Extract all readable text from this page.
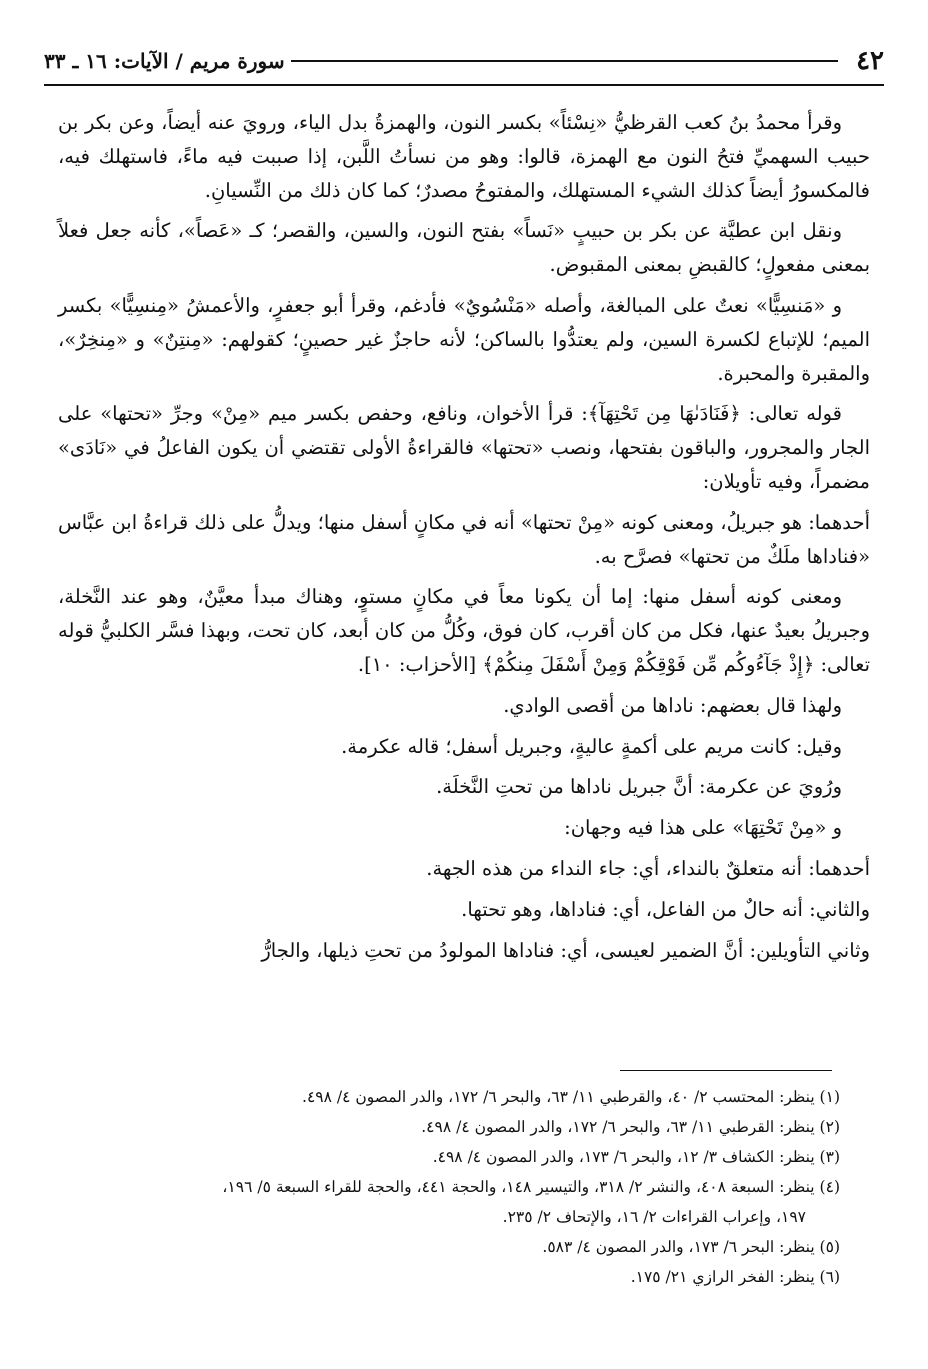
٤٢
سورة مريم / الآيات: ١٦ ـ ٣٣

وقرأ محمدُ بنُ كعب القرظيُّ «نِسْئاً» بكسر النون، والهمزةُ بدل الياء، ورويَ عنه أيضاً، وعن بكر بن حبيب السهميِّ فتحُ النون مع الهمزة، قالوا: وهو من نسأتُ اللَّبن، إذا صببت فيه ماءً، فاستهلك فيه، فالمكسورُ أيضاً كذلك الشيء المستهلك، والمفتوحُ مصدرٌ؛ كما كان ذلك من النِّسيانِ.

ونقل ابن عطيَّة عن بكر بن حبيبٍ «نَساً» بفتح النون، والسين، والقصر؛ كـ «عَصاً»، كأنه جعل فعلاً بمعنى مفعولٍ؛ كالقبضِ بمعنى المقبوض.

و «مَنسِيًّا» نعتٌ على المبالغة، وأصله «مَنْسُويٌ» فأدغم، وقرأ أبو جعفرٍ، والأعمشُ «مِنسِيًّا» بكسر الميم؛ للإتباع لكسرة السين، ولم يعتدُّوا بالساكن؛ لأنه حاجزٌ غير حصينٍ؛ كقولهم: «مِنتِنٌ» و «مِنخِرٌ»، والمقبرة والمحبرة.

قوله تعالى: ﴿فَنَادَىٰهَا مِن تَحْتِهَآ﴾: قرأ الأخوان، ونافع، وحفص بكسر ميم «مِنْ» وجرِّ «تحتها» على الجار والمجرور، والباقون بفتحها، ونصب «تحتها» فالقراءةُ الأولى تقتضي أن يكون الفاعلُ في «نَادَى» مضمراً، وفيه تأويلان:

أحدهما: هو جبريلُ، ومعنى كونه «مِنْ تحتها» أنه في مكانٍ أسفل منها؛ ويدلُّ على ذلك قراءةُ ابن عبَّاس «فناداها ملَكٌ من تحتها» فصرَّح به.

ومعنى كونه أسفل منها: إما أن يكونا معاً في مكانٍ مستوٍ، وهناك مبدأ معيَّنٌ، وهو عند النَّخلة، وجبريلُ بعيدٌ عنها، فكل من كان أقرب، كان فوق، وكُلُّ من كان أبعد، كان تحت، وبهذا فسَّر الكلبيُّ قوله تعالى: ﴿إِذْ جَآءُوكُم مِّن فَوْقِكُمْ وَمِنْ أَسْفَلَ مِنكُمْ﴾ [الأحزاب: ١٠].

ولهذا قال بعضهم: ناداها من أقصى الوادي.

وقيل: كانت مريم على أكمةٍ عاليةٍ، وجبريل أسفل؛ قاله عكرمة.

ورُويَ عن عكرمة: أنَّ جبريل ناداها من تحتِ النَّخلَة.

و «مِنْ تَحْتِهَا» على هذا فيه وجهان:

أحدهما: أنه متعلقٌ بالنداء، أي: جاء النداء من هذه الجهة.

والثاني: أنه حالٌ من الفاعل، أي: فناداها، وهو تحتها.

وثاني التأويلين: أنَّ الضمير لعيسى، أي: فناداها المولودُ من تحتِ ذيلها، والجارُّ

(١) ينظر: المحتسب ٢/ ٤٠، والقرطبي ١١/ ٦٣، والبحر ٦/ ١٧٢، والدر المصون ٤/ ٤٩٨.
(٢) ينظر: القرطبي ١١/ ٦٣، والبحر ٦/ ١٧٢، والدر المصون ٤/ ٤٩٨.
(٣) ينظر: الكشاف ٣/ ١٢، والبحر ٦/ ١٧٣، والدر المصون ٤/ ٤٩٨.
(٤) ينظر: السبعة ٤٠٨، والنشر ٢/ ٣١٨، والتيسير ١٤٨، والحجة ٤٤١، والحجة للقراء السبعة ٥/ ١٩٦،
١٩٧، وإعراب القراءات ٢/ ١٦، والإتحاف ٢/ ٢٣٥.
(٥) ينظر: البحر ٦/ ١٧٣، والدر المصون ٤/ ٥٨٣.
(٦) ينظر: الفخر الرازي ٢١/ ١٧٥.
